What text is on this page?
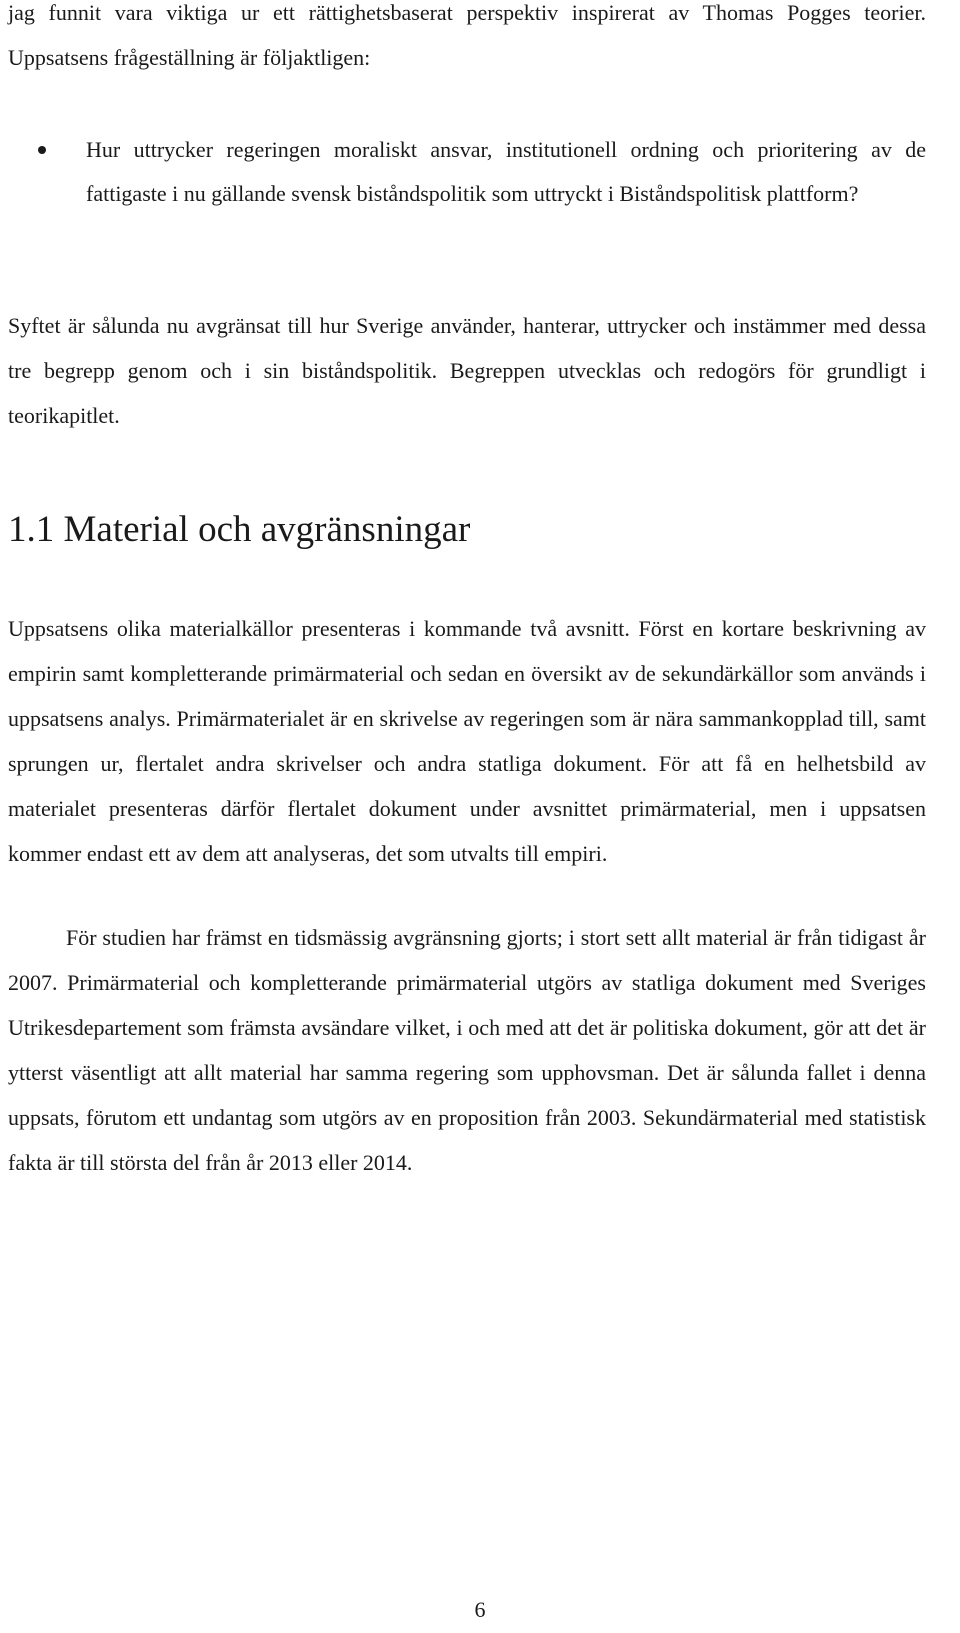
jag funnit vara viktiga ur ett rättighetsbaserat perspektiv inspirerat av Thomas Pogges teorier. Uppsatsens frågeställning är följaktligen:

Hur uttrycker regeringen moraliskt ansvar, institutionell ordning och prioritering av de fattigaste i nu gällande svensk biståndspolitik som uttryckt i Biståndspolitisk plattform?

Syftet är sålunda nu avgränsat till hur Sverige använder, hanterar, uttrycker och instämmer med dessa tre begrepp genom och i sin biståndspolitik. Begreppen utvecklas och redogörs för grundligt i teorikapitlet.

1.1 Material och avgränsningar

Uppsatsens olika materialkällor presenteras i kommande två avsnitt. Först en kortare beskrivning av empirin samt kompletterande primärmaterial och sedan en översikt av de sekundärkällor som används i uppsatsens analys. Primärmaterialet är en skrivelse av regeringen som är nära sammankopplad till, samt sprungen ur, flertalet andra skrivelser och andra statliga dokument. För att få en helhetsbild av materialet presenteras därför flertalet dokument under avsnittet primärmaterial, men i uppsatsen kommer endast ett av dem att analyseras, det som utvalts till empiri.

För studien har främst en tidsmässig avgränsning gjorts; i stort sett allt material är från tidigast år 2007. Primärmaterial och kompletterande primärmaterial utgörs av statliga dokument med Sveriges Utrikesdepartement som främsta avsändare vilket, i och med att det är politiska dokument, gör att det är ytterst väsentligt att allt material har samma regering som upphovsman. Det är sålunda fallet i denna uppsats, förutom ett undantag som utgörs av en proposition från 2003. Sekundärmaterial med statistisk fakta är till största del från år 2013 eller 2014.

6
